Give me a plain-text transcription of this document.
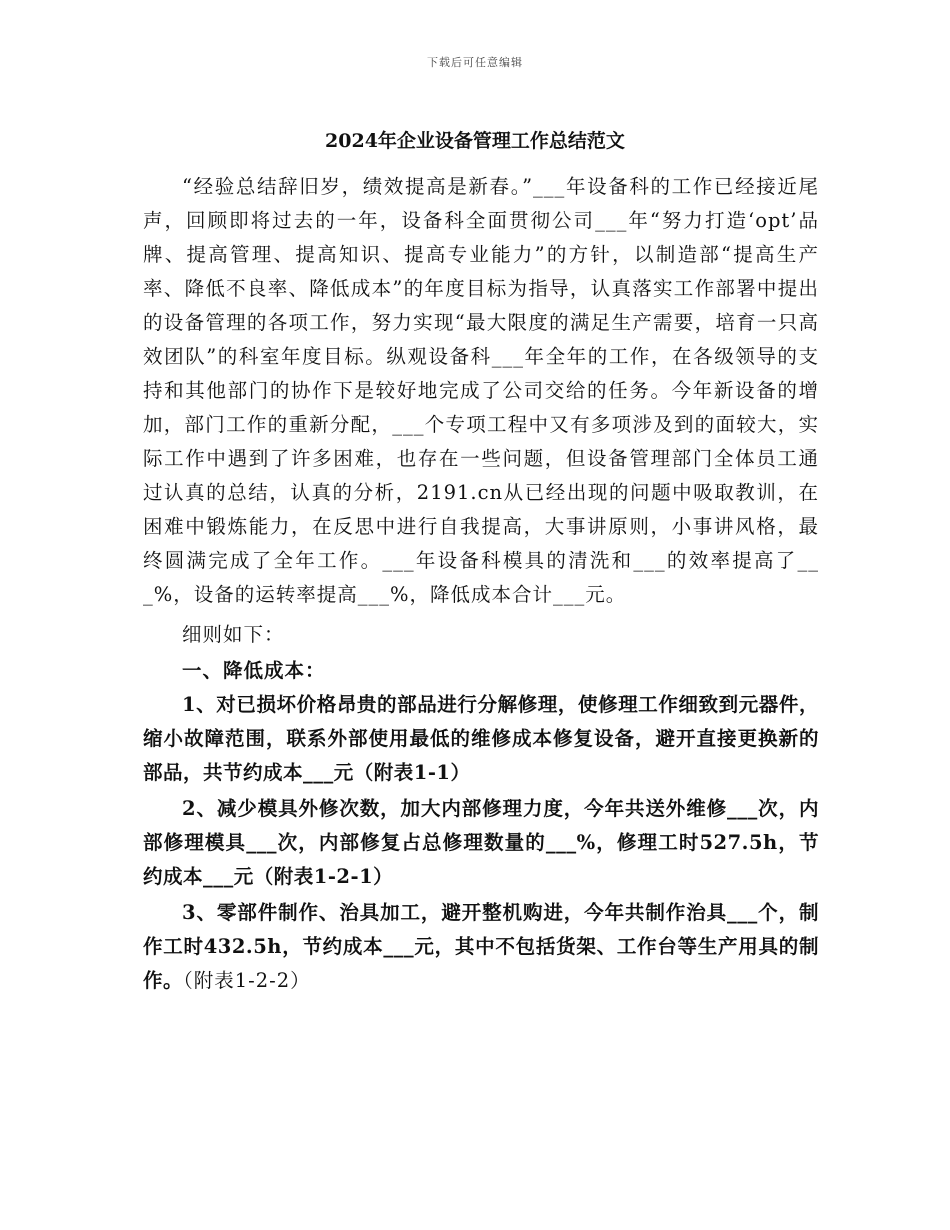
下载后可任意编辑
2024年企业设备管理工作总结范文

“经验总结辞旧岁，绩效提高是新春。”___年设备科的工作已经接近尾声，回顾即将过去的一年，设备科全面贯彻公司___年“努力打造‘opt’品牌、提高管理、提高知识、提高专业能力”的方针，以制造部“提高生产率、降低不良率、降低成本”的年度目标为指导，认真落实工作部署中提出的设备管理的各项工作，努力实现“最大限度的满足生产需要，培育一只高效团队”的科室年度目标。纵观设备科___年全年的工作，在各级领导的支持和其他部门的协作下是较好地完成了公司交给的任务。今年新设备的增加，部门工作的重新分配，___个专项工程中又有多项涉及到的面较大，实际工作中遇到了许多困难，也存在一些问题，但设备管理部门全体员工通过认真的总结，认真的分析，2191.cn从已经出现的问题中吸取教训，在困难中锻炼能力，在反思中进行自我提高，大事讲原则，小事讲风格，最终圆满完成了全年工作。___年设备科模具的清洗和___的效率提高了___%，设备的运转率提高___%，降低成本合计___元。

细则如下：

一、降低成本：

1、对已损坏价格昂贵的部品进行分解修理，使修理工作细致到元器件，缩小故障范围，联系外部使用最低的维修成本修复设备，避开直接更换新的部品，共节约成本___元（附表1-1）

2、减少模具外修次数，加大内部修理力度，今年共送外维修___次，内部修理模具___次，内部修复占总修理数量的___%，修理工时527.5h，节约成本___元（附表1-2-1）

3、零部件制作、治具加工，避开整机购进，今年共制作治具___个，制作工时432.5h，节约成本___元，其中不包括货架、工作台等生产用具的制作。（附表1-2-2）
